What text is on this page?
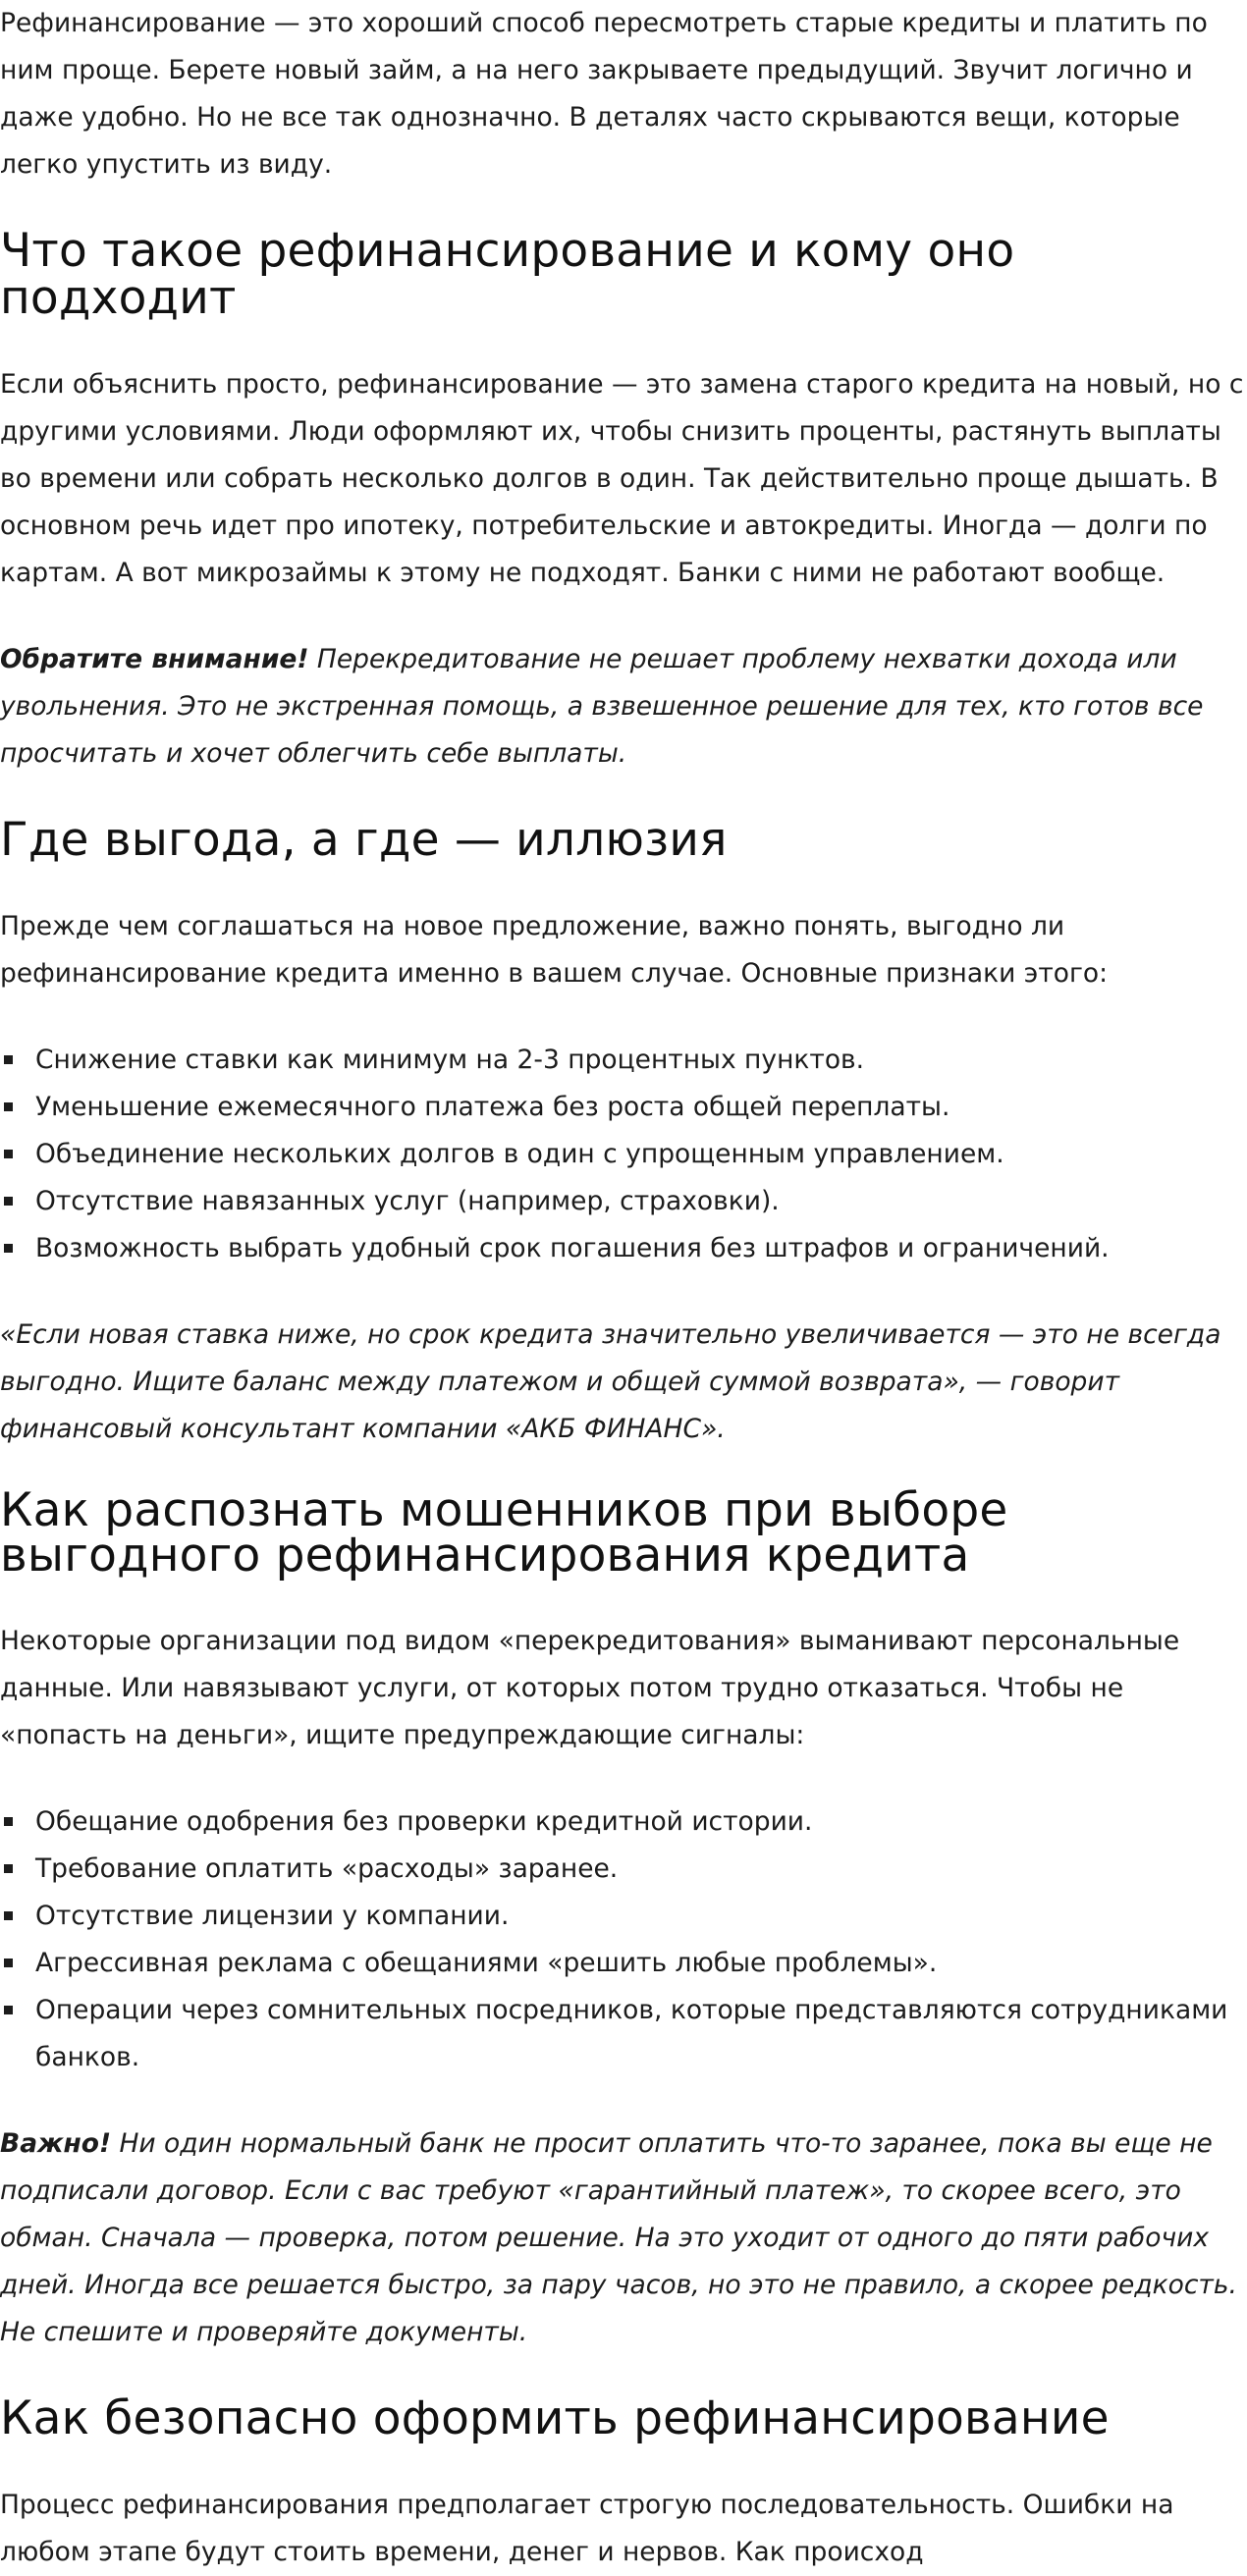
Рефинансирование — это хороший способ пересмотреть старые кредиты и платить по ним проще. Берете новый займ, а на него закрываете предыдущий. Звучит логично и даже удобно. Но не все так однозначно. В деталях часто скрываются вещи, которые легко упустить из виду.

Что такое рефинансирование и кому оно подходит

Если объяснить просто, рефинансирование — это замена старого кредита на новый, но с другими условиями. Люди оформляют их, чтобы снизить проценты, растянуть выплаты во времени или собрать несколько долгов в один. Так действительно проще дышать. В основном речь идет про ипотеку, потребительские и автокредиты. Иногда — долги по картам. А вот микрозаймы к этому не подходят. Банки с ними не работают вообще.

Обратите внимание! Перекредитование не решает проблему нехватки дохода или увольнения. Это не экстренная помощь, а взвешенное решение для тех, кто готов все просчитать и хочет облегчить себе выплаты.

Где выгода, а где — иллюзия

Прежде чем соглашаться на новое предложение, важно понять, выгодно ли рефинансирование кредита именно в вашем случае. Основные признаки этого:

Снижение ставки как минимум на 2-3 процентных пунктов.
Уменьшение ежемесячного платежа без роста общей переплаты.
Объединение нескольких долгов в один с упрощенным управлением.
Отсутствие навязанных услуг (например, страховки).
Возможность выбрать удобный срок погашения без штрафов и ограничений.

«Если новая ставка ниже, но срок кредита значительно увеличивается — это не всегда выгодно. Ищите баланс между платежом и общей суммой возврата», — говорит финансовый консультант компании «АКБ ФИНАНС».

Как распознать мошенников при выборе выгодного рефинансирования кредита

Некоторые организации под видом «перекредитования» выманивают персональные данные. Или навязывают услуги, от которых потом трудно отказаться. Чтобы не «попасть на деньги», ищите предупреждающие сигналы:

Обещание одобрения без проверки кредитной истории.
Требование оплатить «расходы» заранее.
Отсутствие лицензии у компании.
Агрессивная реклама с обещаниями «решить любые проблемы».
Операции через сомнительных посредников, которые представляются сотрудниками банков.

Важно! Ни один нормальный банк не просит оплатить что-то заранее, пока вы еще не подписали договор. Если с вас требуют «гарантийный платеж», то скорее всего, это обман. Сначала — проверка, потом решение. На это уходит от одного до пяти рабочих дней. Иногда все решается быстро, за пару часов, но это не правило, а скорее редкость. Не спешите и проверяйте документы.

Как безопасно оформить рефинансирование

Процесс рефинансирования предполагает строгую последовательность. Ошибки на любом этапе будут стоить времени, денег и нервов. Как происход
